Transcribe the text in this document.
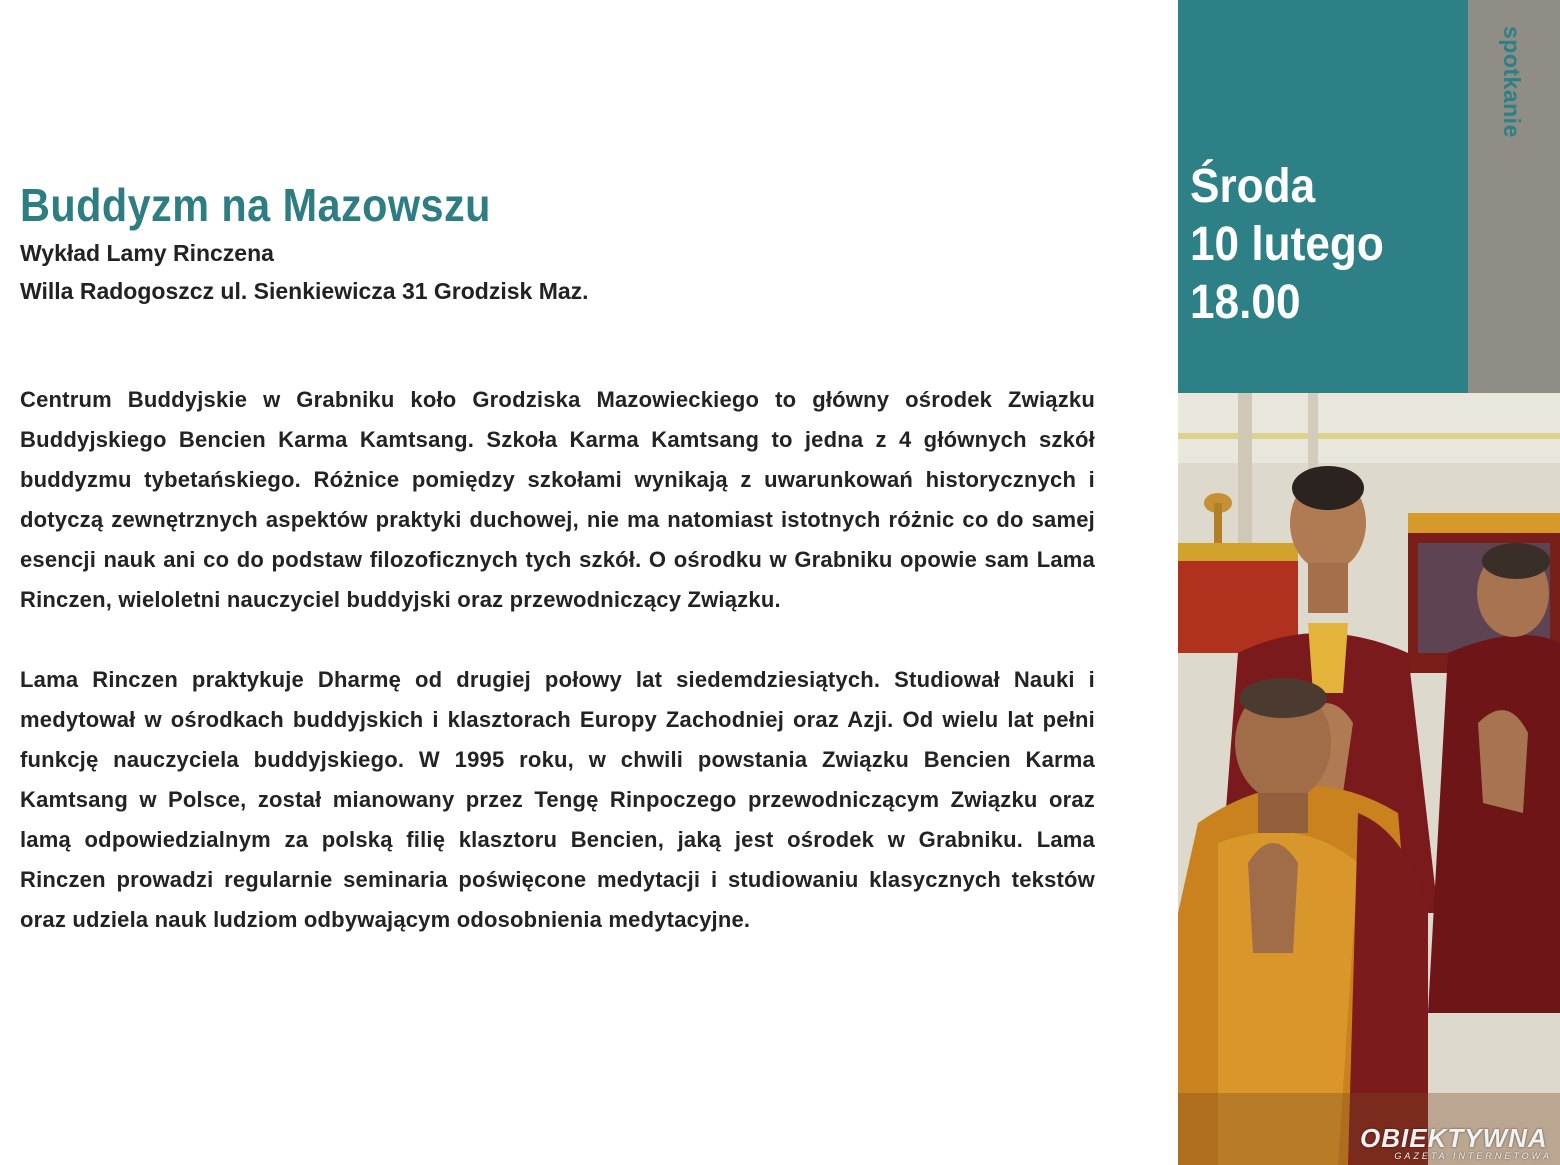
Buddyzm na Mazowszu

Wykład Lamy Rinczena

Willa Radogoszcz ul. Sienkiewicza 31 Grodzisk Maz.

Centrum Buddyjskie w Grabniku koło Grodziska Mazowieckiego to główny ośrodek Związku Buddyjskiego Bencien Karma Kamtsang. Szkoła Karma Kamtsang to jedna z 4 głównych szkół buddyzmu tybetańskiego. Różnice pomiędzy szkołami wynikają z uwarunkowań historycznych i dotyczą zewnętrznych aspektów praktyki duchowej, nie ma natomiast istotnych różnic co do samej esencji nauk ani co do podstaw filozoficznych tych szkół. O ośrodku w Grabniku opowie sam Lama Rinczen, wieloletni nauczyciel buddyjski oraz przewodniczący Związku.

Lama Rinczen praktykuje Dharmę od drugiej połowy lat siedemdziesiątych. Studiował Nauki i medytował w ośrodkach buddyjskich i klasztorach Europy Zachodniej oraz Azji. Od wielu lat pełni funkcję nauczyciela buddyjskiego. W 1995 roku, w chwili powstania Związku Bencien Karma Kamtsang w Polsce, został mianowany przez Tengę Rinpoczego przewodniczącym Związku oraz lamą odpowiedzialnym za polską filię klasztoru Bencien, jaką jest ośrodek w Grabniku. Lama Rinczen prowadzi regularnie seminaria poświęcone medytacji i studiowaniu klasycznych tekstów oraz udziela nauk ludziom odbywającym odosobnienia medytacyjne.

spotkanie
Środa
10 lutego
18.00
OBIEKTYWNA
GAZETA INTERNETOWA
